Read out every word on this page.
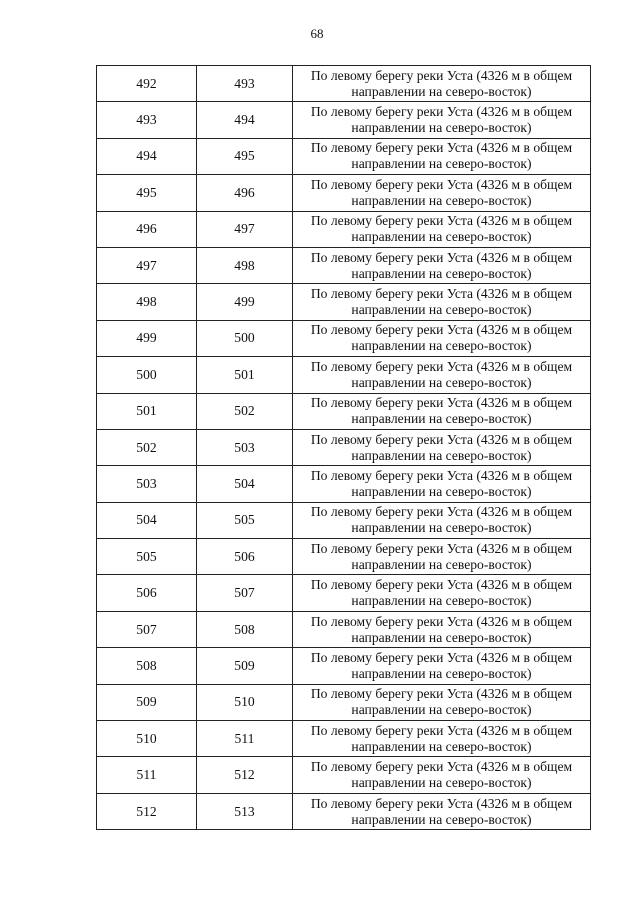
68
492	493	По левому берегу реки Уста (4326 м в общем
направлении на северо-восток)

493	494	По левому берегу реки Уста (4326 м в общем
направлении на северо-восток)

494	495	По левому берегу реки Уста (4326 м в общем
направлении на северо-восток)

495	496	По левому берегу реки Уста (4326 м в общем
направлении на северо-восток)

496	497	По левому берегу реки Уста (4326 м в общем
направлении на северо-восток)

497	498	По левому берегу реки Уста (4326 м в общем
направлении на северо-восток)

498	499	По левому берегу реки Уста (4326 м в общем
направлении на северо-восток)

499	500	По левому берегу реки Уста (4326 м в общем
направлении на северо-восток)

500	501	По левому берегу реки Уста (4326 м в общем
направлении на северо-восток)

501	502	По левому берегу реки Уста (4326 м в общем
направлении на северо-восток)

502	503	По левому берегу реки Уста (4326 м в общем
направлении на северо-восток)

503	504	По левому берегу реки Уста (4326 м в общем
направлении на северо-восток)

504	505	По левому берегу реки Уста (4326 м в общем
направлении на северо-восток)

505	506	По левому берегу реки Уста (4326 м в общем
направлении на северо-восток)

506	507	По левому берегу реки Уста (4326 м в общем
направлении на северо-восток)

507	508	По левому берегу реки Уста (4326 м в общем
направлении на северо-восток)

508	509	По левому берегу реки Уста (4326 м в общем
направлении на северо-восток)

509	510	По левому берегу реки Уста (4326 м в общем
направлении на северо-восток)

510	511	По левому берегу реки Уста (4326 м в общем
направлении на северо-восток)

511	512	По левому берегу реки Уста (4326 м в общем
направлении на северо-восток)

512	513	По левому берегу реки Уста (4326 м в общем
направлении на северо-восток)
